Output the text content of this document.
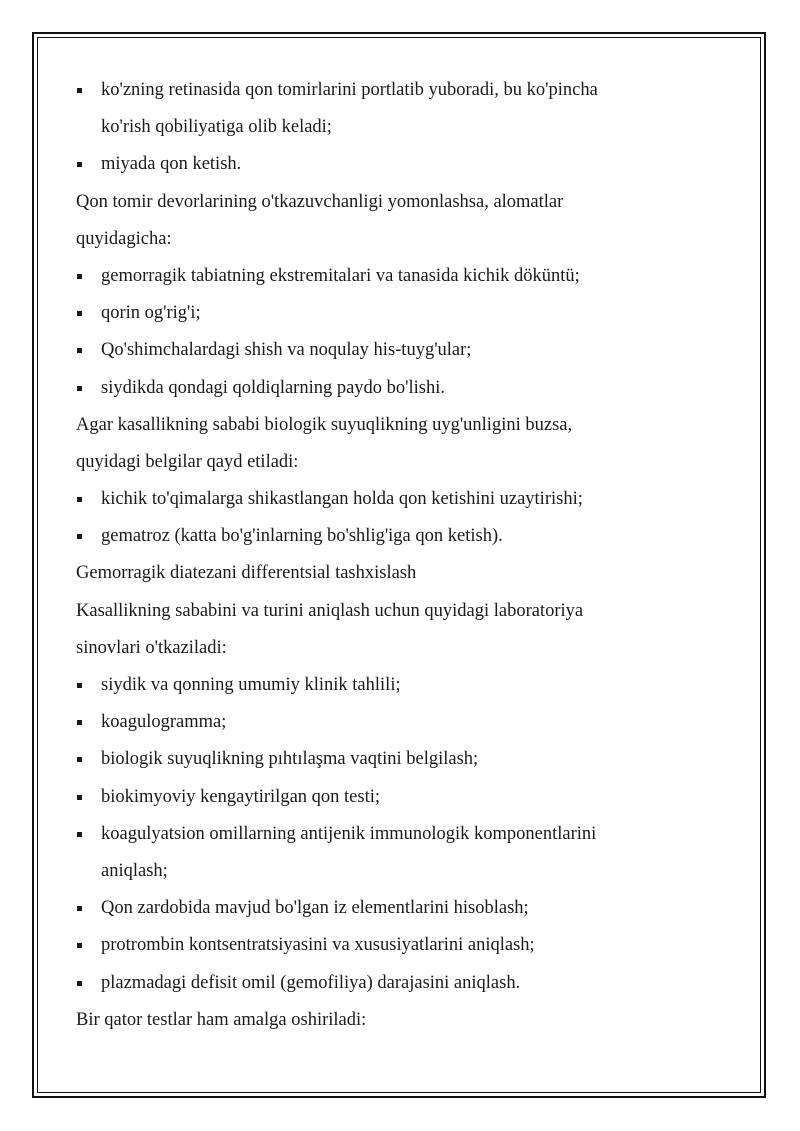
ko'zning retinasida qon tomirlarini portlatib yuboradi, bu ko'pincha
ko'rish qobiliyatiga olib keladi;
miyada qon ketish.
Qon tomir devorlarining o'tkazuvchanligi yomonlashsa, alomatlar
quyidagicha:
gemorragik tabiatning ekstremitalari va tanasida kichik döküntü;
qorin og'rig'i;
Qo'shimchalardagi shish va noqulay his-tuyg'ular;
siydikda qondagi qoldiqlarning paydo bo'lishi.
Agar kasallikning sababi biologik suyuqlikning uyg'unligini buzsa,
quyidagi belgilar qayd etiladi:
kichik to'qimalarga shikastlangan holda qon ketishini uzaytirishi;
gematroz (katta bo'g'inlarning bo'shlig'iga qon ketish).
Gemorragik diatezani differentsial tashxislash
Kasallikning sababini va turini aniqlash uchun quyidagi laboratoriya
sinovlari o'tkaziladi:
siydik va qonning umumiy klinik tahlili;
koagulogramma;
biologik suyuqlikning pıhtılaşma vaqtini belgilash;
biokimyoviy kengaytirilgan qon testi;
koagulyatsion omillarning antijenik immunologik komponentlarini
aniqlash;
Qon zardobida mavjud bo'lgan iz elementlarini hisoblash;
protrombin kontsentratsiyasini va xususiyatlarini aniqlash;
plazmadagi defisit omil (gemofiliya) darajasini aniqlash.
Bir qator testlar ham amalga oshiriladi:
